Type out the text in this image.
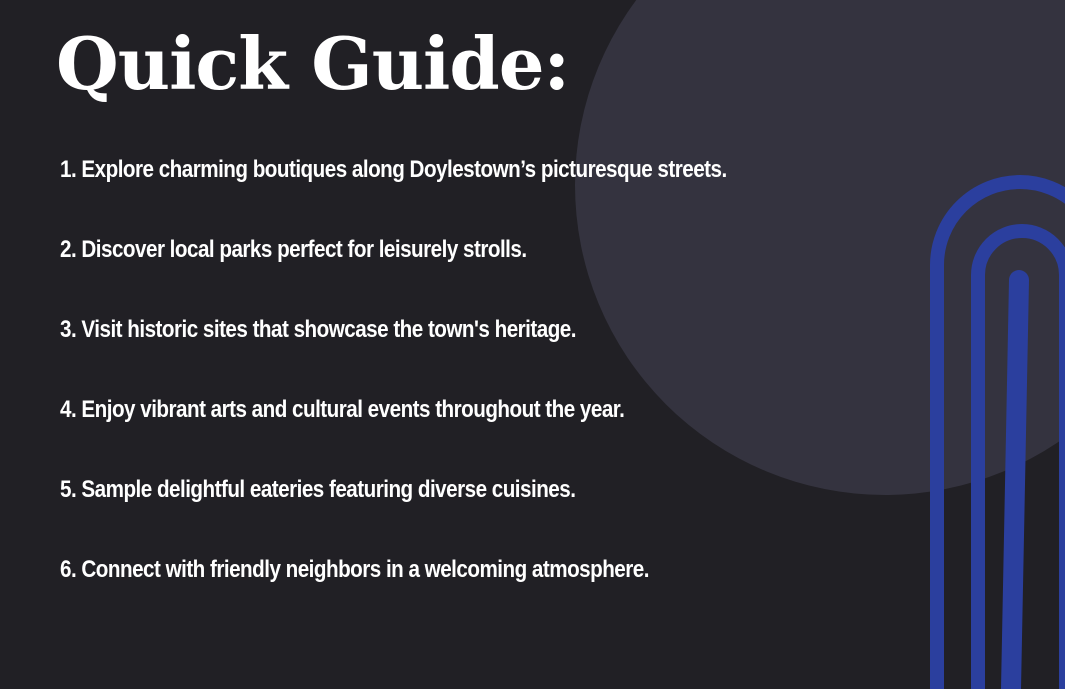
Quick Guide:
1. Explore charming boutiques along Doylestown’s picturesque streets.
2. Discover local parks perfect for leisurely strolls.
3. Visit historic sites that showcase the town's heritage.
4. Enjoy vibrant arts and cultural events throughout the year.
5. Sample delightful eateries featuring diverse cuisines.
6. Connect with friendly neighbors in a welcoming atmosphere.
